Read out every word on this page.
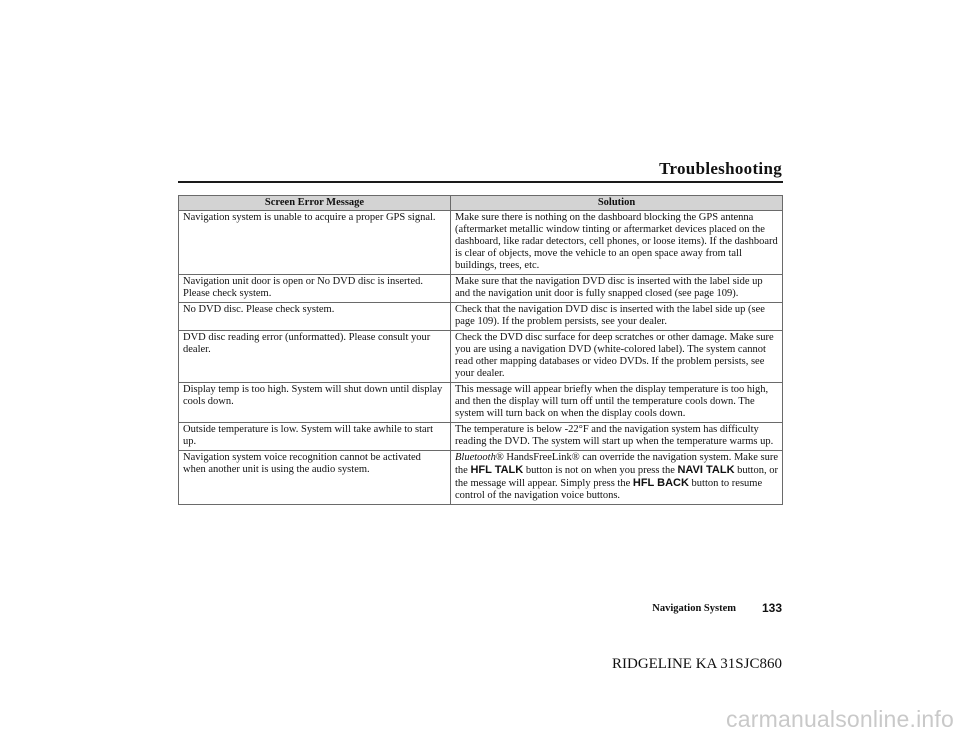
Troubleshooting
Screen Error Message	Solution
Navigation system is unable to acquire a proper GPS signal.	Make sure there is nothing on the dashboard blocking the GPS antenna (aftermarket metallic window tinting or aftermarket devices placed on the dashboard, like radar detectors, cell phones, or loose items). If the dashboard is clear of objects, move the vehicle to an open space away from tall buildings, trees, etc.
Navigation unit door is open or No DVD disc is inserted. Please check system.	Make sure that the navigation DVD disc is inserted with the label side up and the navigation unit door is fully snapped closed (see page 109).
No DVD disc. Please check system.	Check that the navigation DVD disc is inserted with the label side up (see page 109). If the problem persists, see your dealer.
DVD disc reading error (unformatted). Please consult your dealer.	Check the DVD disc surface for deep scratches or other damage. Make sure you are using a navigation DVD (white-colored label). The system cannot read other mapping databases or video DVDs. If the problem persists, see your dealer.
Display temp is too high. System will shut down until display cools down.	This message will appear briefly when the display temperature is too high, and then the display will turn off until the temperature cools down. The system will turn back on when the display cools down.
Outside temperature is low. System will take awhile to start up.	The temperature is below -22°F and the navigation system has difficulty reading the DVD. The system will start up when the temperature warms up.
Navigation system voice recognition cannot be activated when another unit is using the audio system.	Bluetooth® HandsFreeLink® can override the navigation system. Make sure the HFL TALK button is not on when you press the NAVI TALK button, or the message will appear. Simply press the HFL BACK button to resume control of the navigation voice buttons.
Navigation System 133
RIDGELINE KA 31SJC860
carmanualsonline.info
